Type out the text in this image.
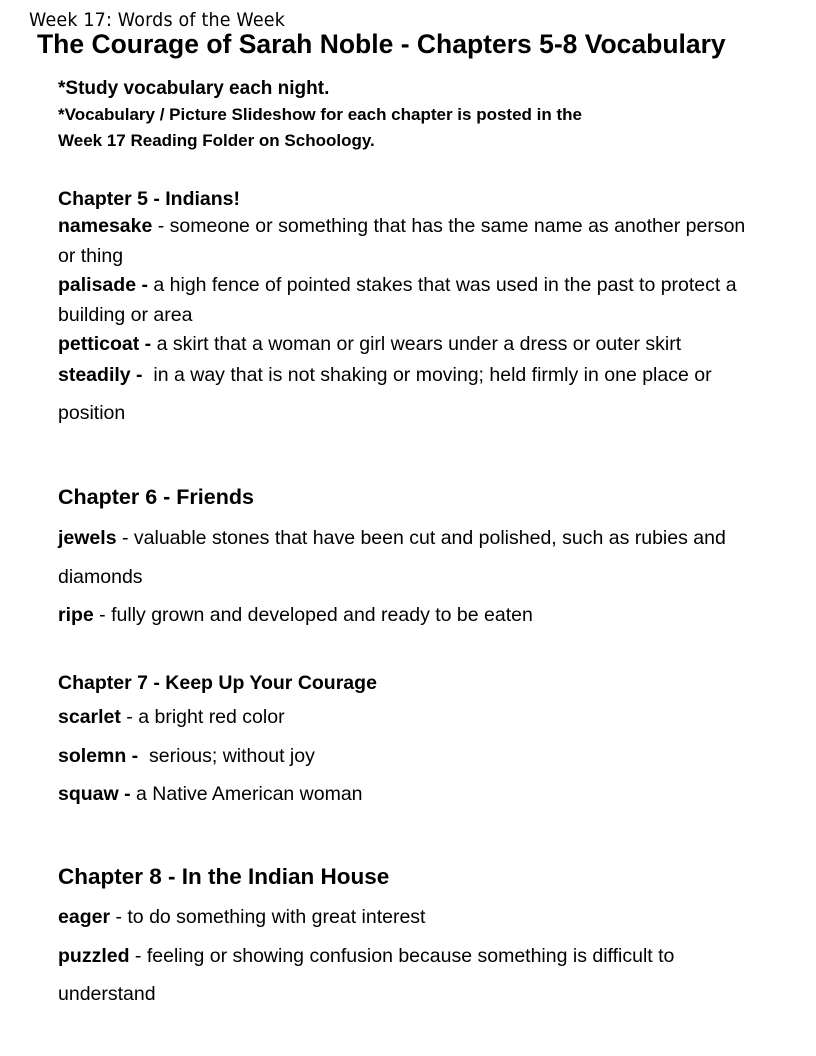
Week 17: Words of the Week
The Courage of Sarah Noble - Chapters 5-8 Vocabulary
*Study vocabulary each night.
*Vocabulary / Picture Slideshow for each chapter is posted in the
Week 17 Reading Folder on Schoology.
Chapter 5 - Indians!

namesake - someone or something that has the same name as another person or thing

palisade - a high fence of pointed stakes that was used in the past to protect a building or area

petticoat - a skirt that a woman or girl wears under a dress or outer skirt

steadily - in a way that is not shaking or moving; held firmly in one place or position

Chapter 6 - Friends

jewels - valuable stones that have been cut and polished, such as rubies and diamonds

ripe - fully grown and developed and ready to be eaten

Chapter 7 - Keep Up Your Courage

scarlet - a bright red color

solemn - serious; without joy

squaw - a Native American woman

Chapter 8 - In the Indian House

eager - to do something with great interest

puzzled - feeling or showing confusion because something is difficult to understand
